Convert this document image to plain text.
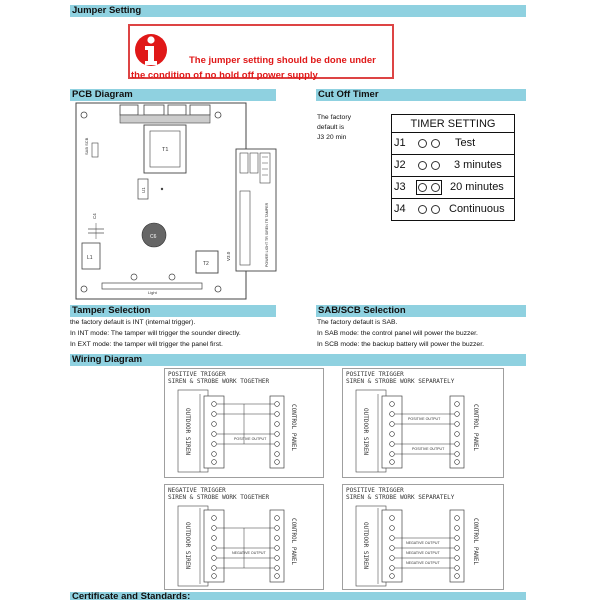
Jumper Setting
The jumper setting should be done under
the condition of no hold off power supply
PCB Diagram	Cut Off Timer
T1
SAB SCB
U1
C4
L1
C6
T2
V3.0
Light
POWER LIGHT TR SIREN TR TAMPER
The factory
default is
J3 20 min
TIMER SETTING
J1	Test
J2	3 minutes
J3	20 minutes
J4	Continuous
Tamper Selection	SAB/SCB Selection
the factory default is INT (internal trigger).
In INT mode: The tamper will trigger the sounder directly.
In EXT mode: the tamper will trigger the panel first.
The factory default is SAB.
In SAB mode: the control panel will power the buzzer.
In SCB mode: the backup battery will power the buzzer.
Wiring Diagram
POSITIVE TRIGGER
SIREN & STROBE WORK TOGETHER
OUTDOOR SIREN	CONTROL PANEL
POSITIVE OUTPUT
POSITIVE TRIGGER
SIREN & STROBE WORK SEPARATELY
OUTDOOR SIREN	CONTROL PANEL
POSITIVE OUTPUT
POSITIVE OUTPUT
NEGATIVE TRIGGER
SIREN & STROBE WORK TOGETHER
OUTDOOR SIREN	CONTROL PANEL
NEGATIVE OUTPUT
POSITIVE TRIGGER
SIREN & STROBE WORK SEPARATELY
OUTDOOR SIREN	CONTROL PANEL
NEGATIVE OUTPUT
NEGATIVE OUTPUT
NEGATIVE OUTPUT
Certificate and Standards:
